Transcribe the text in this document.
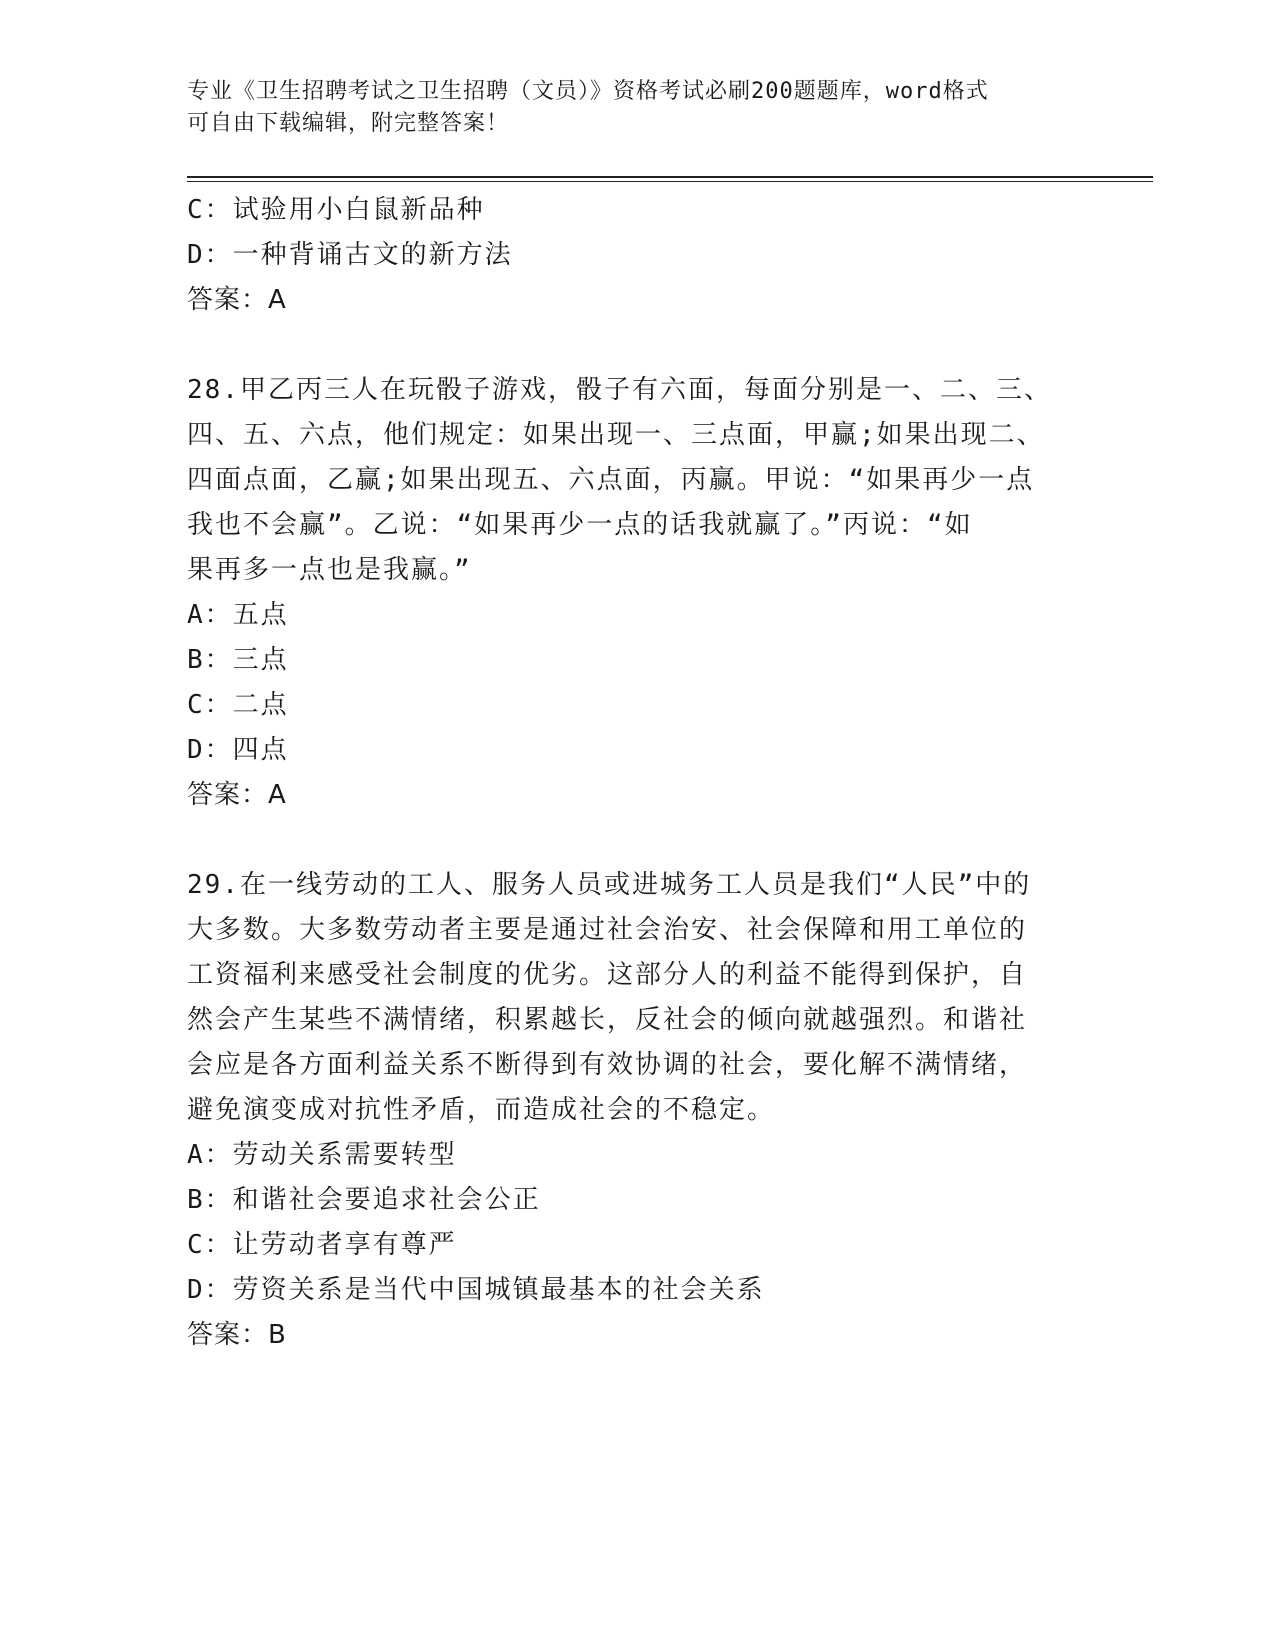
专业《卫生招聘考试之卫生招聘（文员）》资格考试必刷200题题库，word格式
可自由下载编辑，附完整答案！

C：试验用小白鼠新品种

D：一种背诵古文的新方法

答案：A

28.甲乙丙三人在玩骰子游戏，骰子有六面，每面分别是一、二、三、

四、五、六点，他们规定：如果出现一、三点面，甲赢;如果出现二、

四面点面，乙赢;如果出现五、六点面，丙赢。甲说：“如果再少一点

我也不会赢”。乙说：“如果再少一点的话我就赢了。”丙说：“如

果再多一点也是我赢。”

A：五点

B：三点

C：二点

D：四点

答案：A

29.在一线劳动的工人、服务人员或进城务工人员是我们“人民”中的

大多数。大多数劳动者主要是通过社会治安、社会保障和用工单位的

工资福利来感受社会制度的优劣。这部分人的利益不能得到保护，自

然会产生某些不满情绪，积累越长，反社会的倾向就越强烈。和谐社

会应是各方面利益关系不断得到有效协调的社会，要化解不满情绪，

避免演变成对抗性矛盾，而造成社会的不稳定。

A：劳动关系需要转型

B：和谐社会要追求社会公正

C：让劳动者享有尊严

D：劳资关系是当代中国城镇最基本的社会关系

答案：B
